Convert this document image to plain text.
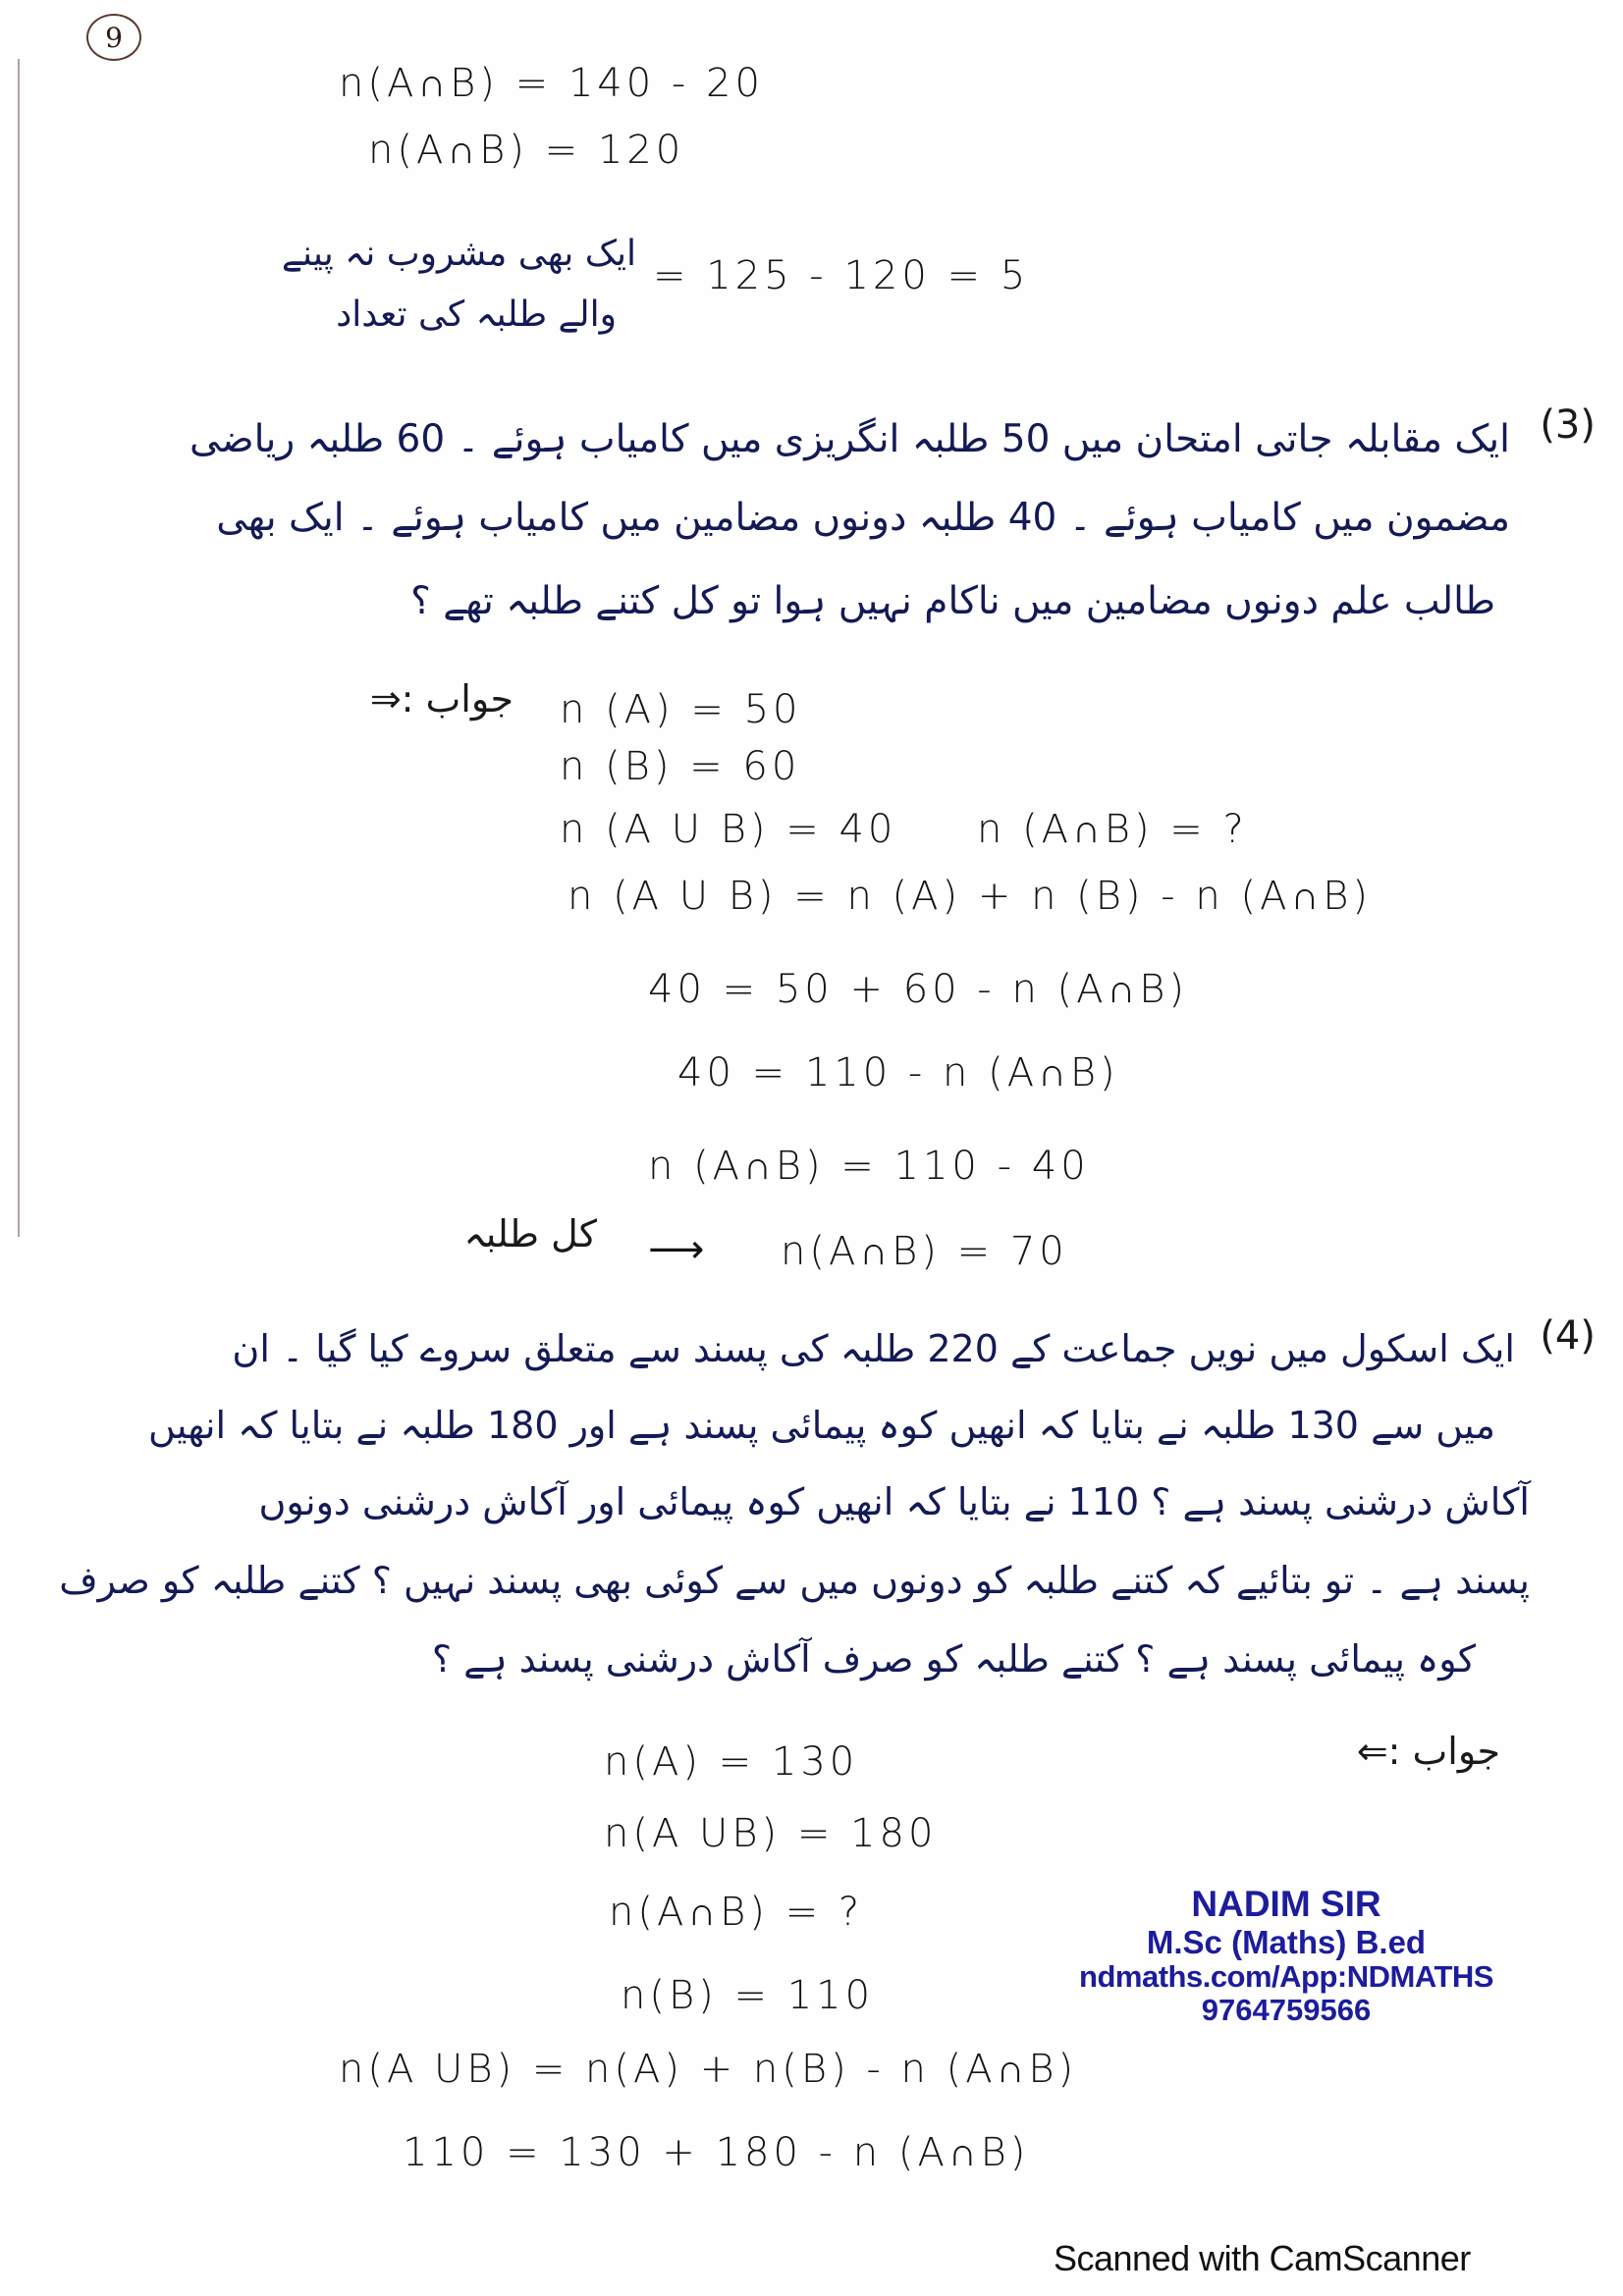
9
n(A∩B) = 140 - 20
n(A∩B) = 120
ایک بھی مشروب نہ پینے
والے طلبہ کی تعداد
= 125 - 120 = 5
(3)
ایک مقابلہ جاتی امتحان میں 50 طلبہ انگریزی میں کامیاب ہوئے ۔ 60 طلبہ ریاضی
مضمون میں کامیاب ہوئے ۔ 40 طلبہ دونوں مضامین میں کامیاب ہوئے ۔ ایک بھی
طالب علم دونوں مضامین میں ناکام نہیں ہوا تو کل کتنے طلبہ تھے ؟
جواب :⇒ n (A) = 50
n (B) = 60
n (A U B) = 40 n (A∩B) = ?
n (A U B) = n (A) + n (B) - n (A∩B)
40 = 50 + 60 - n (A∩B)
40 = 110 - n (A∩B)
n (A∩B) = 110 - 40
کل طلبہ ⟶ n(A∩B) = 70
(4)
ایک اسکول میں نویں جماعت کے 220 طلبہ کی پسند سے متعلق سروے کیا گیا ۔ ان
میں سے 130 طلبہ نے بتایا کہ انھیں کوہ پیمائی پسند ہے اور 180 طلبہ نے بتایا کہ انھیں
آکاش درشنی پسند ہے ؟ 110 نے بتایا کہ انھیں کوہ پیمائی اور آکاش درشنی دونوں
پسند ہے ۔ تو بتائیے کہ کتنے طلبہ کو دونوں میں سے کوئی بھی پسند نہیں ؟ کتنے طلبہ کو صرف
کوہ پیمائی پسند ہے ؟ کتنے طلبہ کو صرف آکاش درشنی پسند ہے ؟
جواب :⇐
n(A) = 130
n(A UB) = 180
n(A∩B) = ?
n(B) = 110
n(A UB) = n(A) + n(B) - n (A∩B)
110 = 130 + 180 - n (A∩B)
NADIM SIR
M.Sc (Maths) B.ed
ndmaths.com/App:NDMATHS
9764759566
Scanned with CamScanner
